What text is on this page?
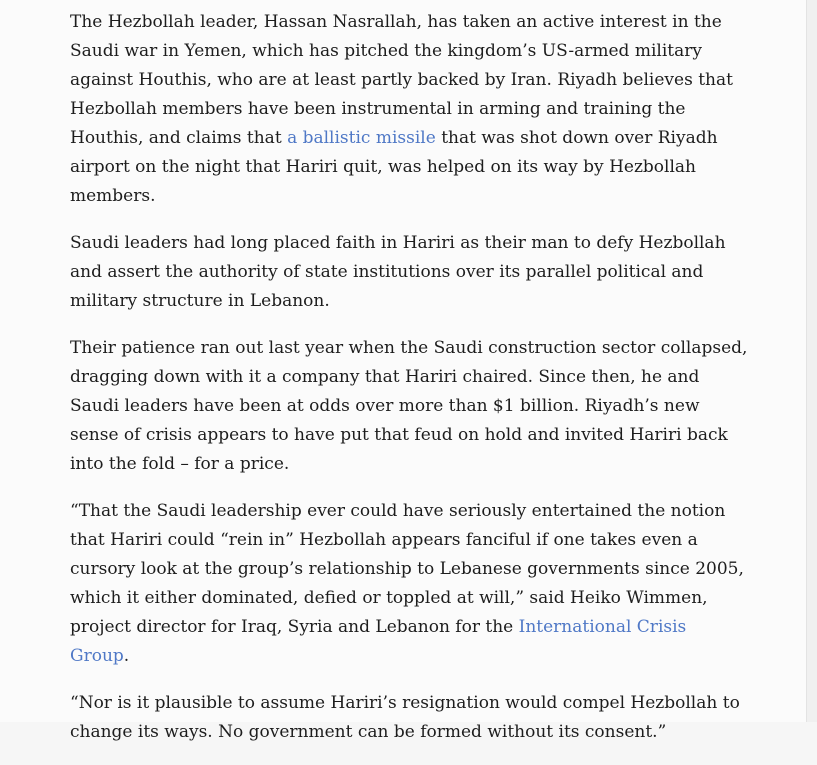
The Hezbollah leader, Hassan Nasrallah, has taken an active interest in the Saudi war in Yemen, which has pitched the kingdom’s US-armed military against Houthis, who are at least partly backed by Iran. Riyadh believes that Hezbollah members have been instrumental in arming and training the Houthis, and claims that a ballistic missile that was shot down over Riyadh airport on the night that Hariri quit, was helped on its way by Hezbollah members.

Saudi leaders had long placed faith in Hariri as their man to defy Hezbollah and assert the authority of state institutions over its parallel political and military structure in Lebanon.

Their patience ran out last year when the Saudi construction sector collapsed, dragging down with it a company that Hariri chaired. Since then, he and Saudi leaders have been at odds over more than $1 billion. Riyadh’s new sense of crisis appears to have put that feud on hold and invited Hariri back into the fold – for a price.

“That the Saudi leadership ever could have seriously entertained the notion that Hariri could “rein in” Hezbollah appears fanciful if one takes even a cursory look at the group’s relationship to Lebanese governments since 2005, which it either dominated, defied or toppled at will,” said Heiko Wimmen, project director for Iraq, Syria and Lebanon for the International Crisis Group.

“Nor is it plausible to assume Hariri’s resignation would compel Hezbollah to change its ways. No government can be formed without its consent.”
